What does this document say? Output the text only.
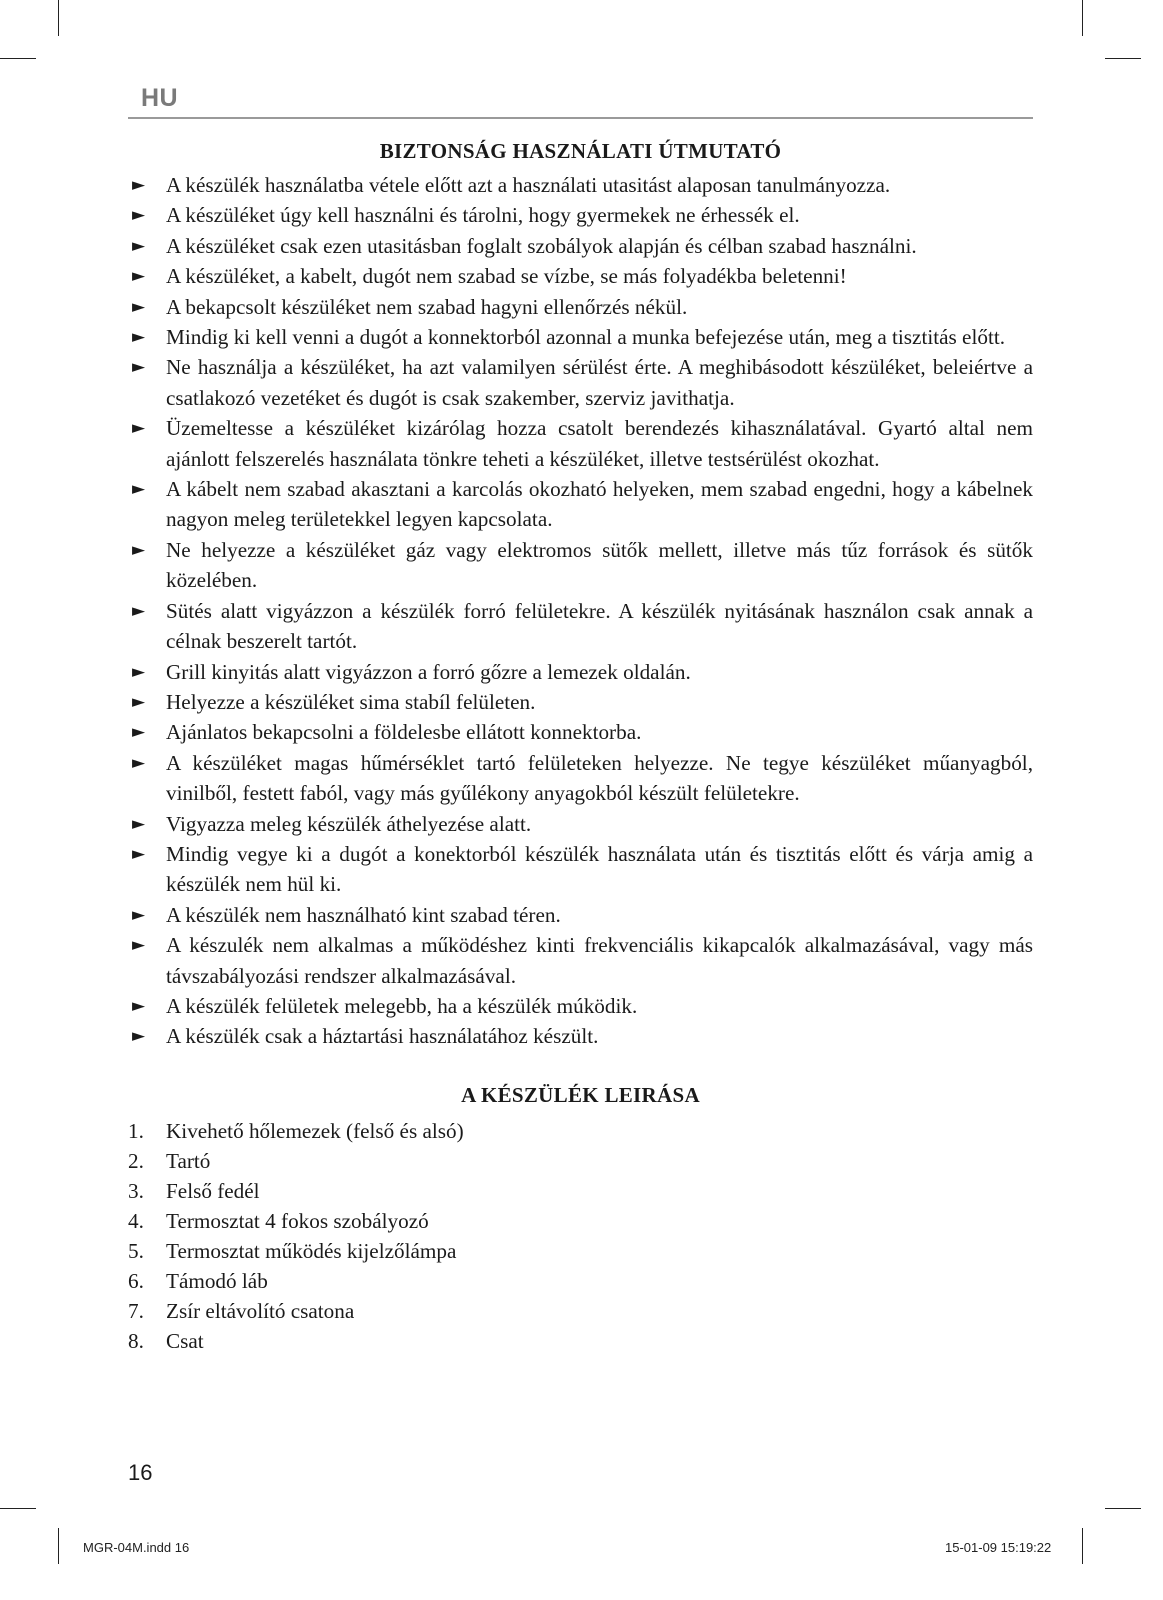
HU
BIZTONSÁG HASZNÁLATI ÚTMUTATÓ
► A készülék használatba vétele előtt azt a használati utasitást alaposan tanulmányozza.
► A készüléket úgy kell használni és tárolni, hogy gyermekek ne érhessék el.
► A készüléket csak ezen utasitásban foglalt szobályok alapján és célban szabad használni.
► A készüléket, a kabelt, dugót nem szabad se vízbe, se más folyadékba beletenni!
► A bekapcsolt készüléket nem szabad hagyni ellenőrzés nékül.
► Mindig ki kell venni a dugót a konnektorból azonnal a munka befejezése után, meg a tisztitás előtt.
► Ne használja a készüléket, ha azt valamilyen sérülést érte. A meghibásodott készüléket, beleiértve a csatlakozó vezetéket és dugót is csak szakember, szerviz javithatja.
► Üzemeltesse a készüléket kizárólag hozza csatolt berendezés kihasználatával. Gyartó altal nem ajánlott felszerelés használata tönkre teheti a készüléket, illetve testsérülést okozhat.
► A kábelt nem szabad akasztani a karcolás okozható helyeken, mem szabad engedni, hogy a kábelnek nagyon meleg területekkel legyen kapcsolata.
► Ne helyezze a készüléket gáz vagy elektromos sütők mellett, illetve más tűz források és sütők közelében.
► Sütés alatt vigyázzon a készülék forró felületekre. A készülék nyitásának használon csak annak a célnak beszerelt tartót.
► Grill kinyitás alatt vigyázzon a forró gőzre a lemezek oldalán.
► Helyezze a készüléket sima stabíl felületen.
► Ajánlatos bekapcsolni a földelesbe ellátott konnektorba.
► A készüléket magas hűmérséklet tartó felületeken helyezze. Ne tegye készüléket műanyagból, vinilből, festett faból, vagy más gyűlékony anyagokból készült felületekre.
► Vigyazza meleg készülék áthelyezése alatt.
► Mindig vegye ki a dugót a konektorból készülék használata után és tisztitás előtt és várja amig a készülék nem hül ki.
► A készülék nem használható kint szabad téren.
► A készulék nem alkalmas a működéshez kinti frekvenciális kikapcalók alkalmazásával, vagy más távszabályozási rendszer alkalmazásával.
► A készülék felületek melegebb, ha a készülék múködik.
► A készülék csak a háztartási használatához készült.
A KÉSZÜLÉK LEIRÁSA
1. Kivehető hőlemezek (felső és alsó)
2. Tartó
3. Felső fedél
4. Termosztat 4 fokos szobályozó
5. Termosztat működés kijelzőlámpa
6. Támodó láb
7. Zsír eltávolító csatona
8. Csat
16
MGR-04M.indd 16	15-01-09 15:19:22
